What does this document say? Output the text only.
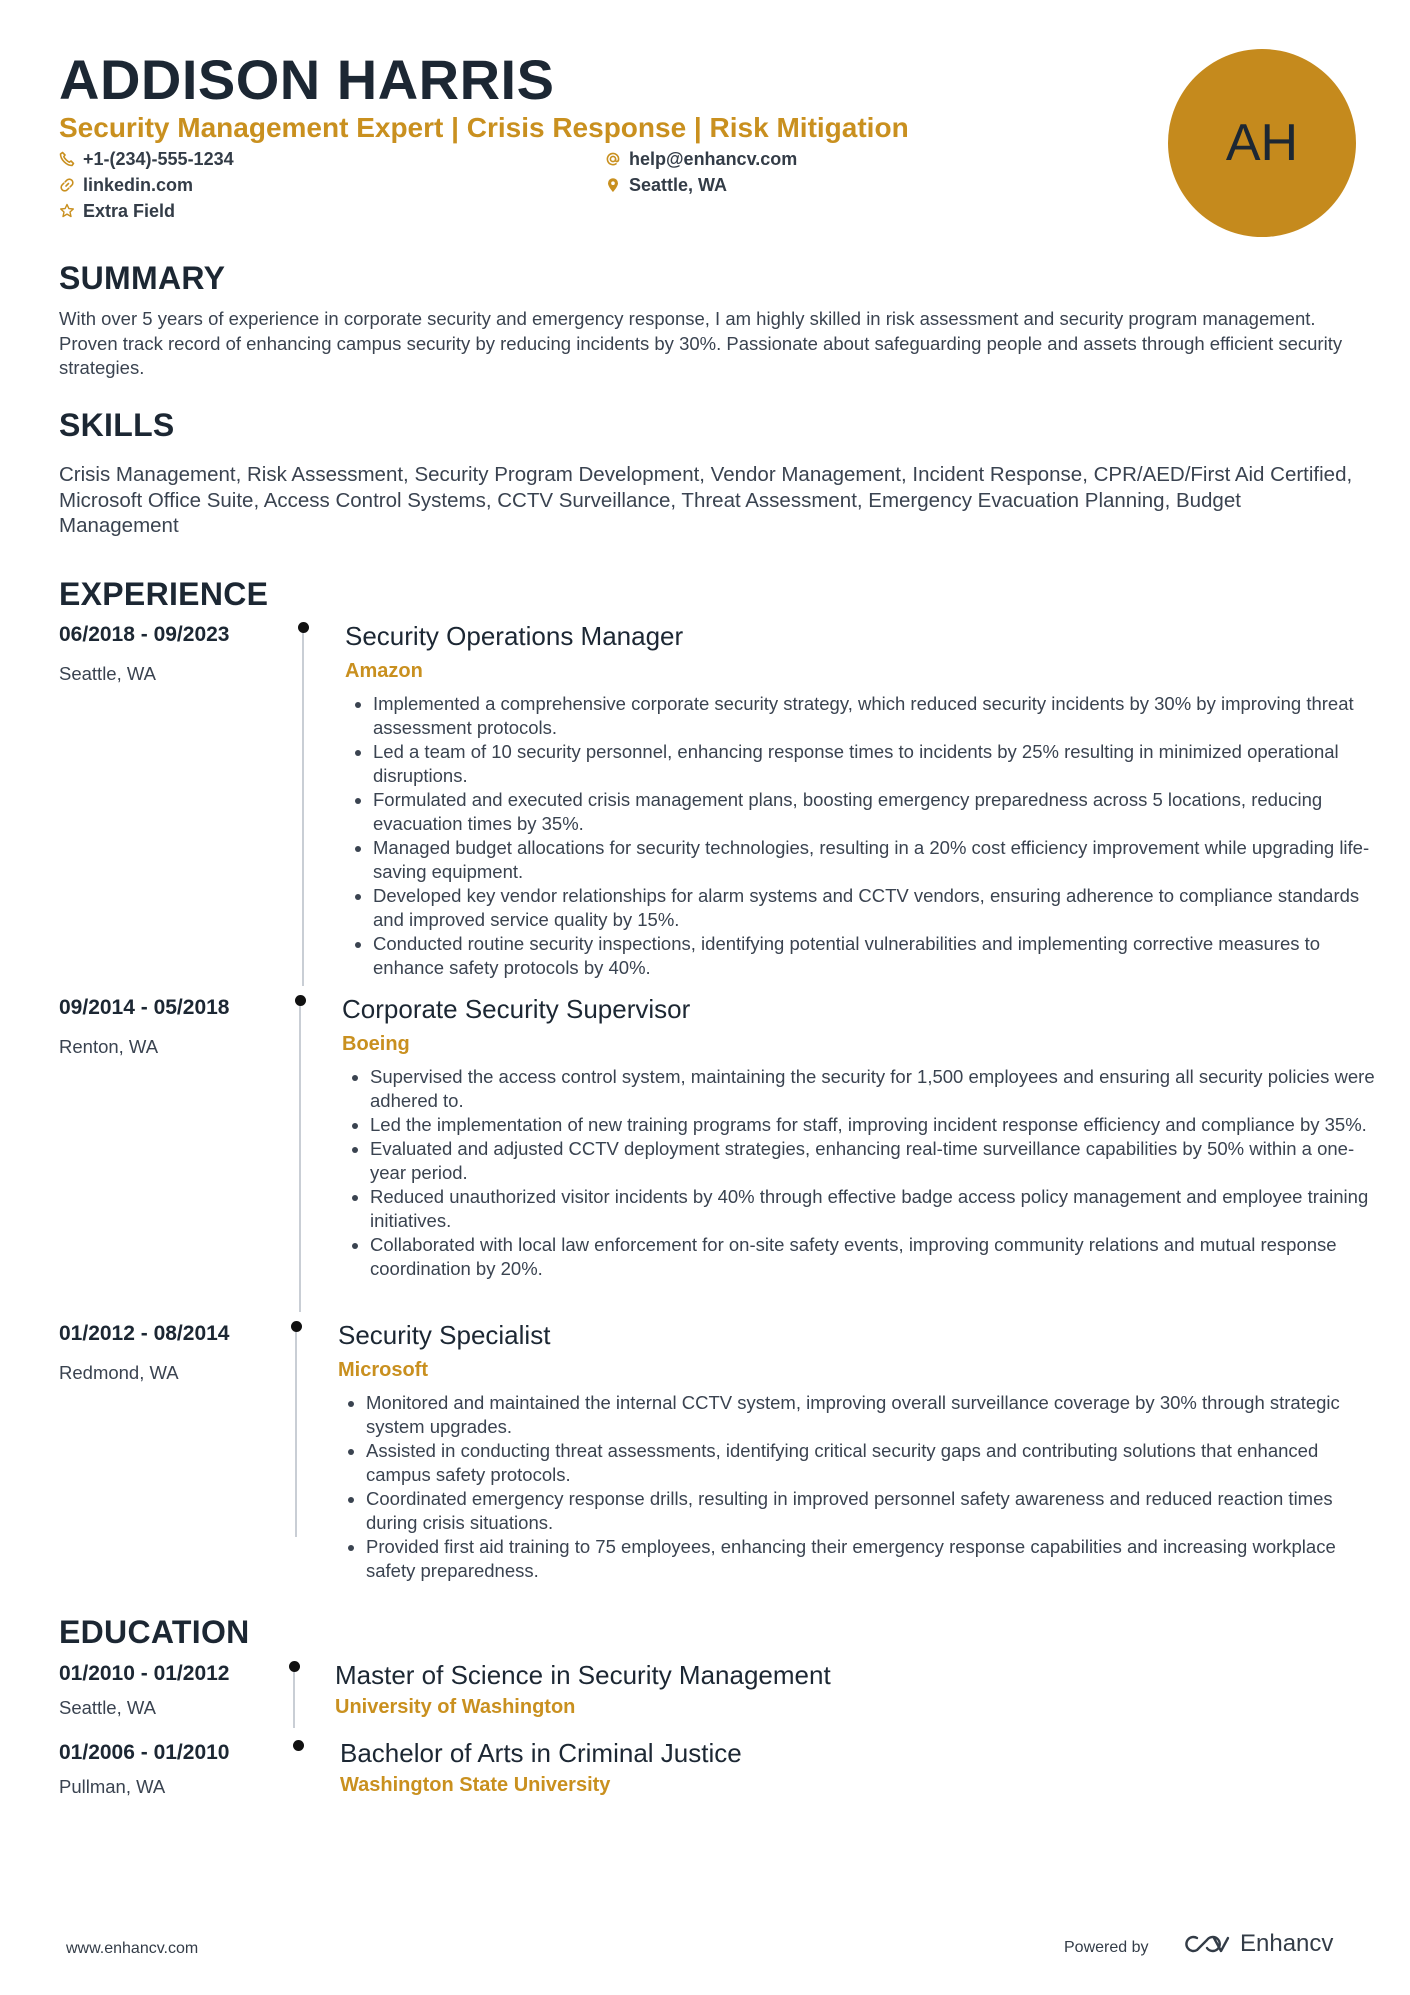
ADDISON HARRIS
Security Management Expert | Crisis Response | Risk Mitigation
+1-(234)-555-1234	help@enhancv.com
linkedin.com	Seattle, WA
Extra Field
AH
SUMMARY

With over 5 years of experience in corporate security and emergency response, I am highly skilled in risk assessment and security program management. Proven track record of enhancing campus security by reducing incidents by 30%. Passionate about safeguarding people and assets through efficient security strategies.

SKILLS

Crisis Management, Risk Assessment, Security Program Development, Vendor Management, Incident Response, CPR/AED/First Aid Certified, Microsoft Office Suite, Access Control Systems, CCTV Surveillance, Threat Assessment, Emergency Evacuation Planning, Budget Management

EXPERIENCE
06/2018 - 09/2023
Seattle, WA
Security Operations Manager
Amazon
• Implemented a comprehensive corporate security strategy, which reduced security incidents by 30% by improving threat assessment protocols.
• Led a team of 10 security personnel, enhancing response times to incidents by 25% resulting in minimized operational disruptions.
• Formulated and executed crisis management plans, boosting emergency preparedness across 5 locations, reducing evacuation times by 35%.
• Managed budget allocations for security technologies, resulting in a 20% cost efficiency improvement while upgrading life-saving equipment.
• Developed key vendor relationships for alarm systems and CCTV vendors, ensuring adherence to compliance standards and improved service quality by 15%.
• Conducted routine security inspections, identifying potential vulnerabilities and implementing corrective measures to enhance safety protocols by 40%.
09/2014 - 05/2018
Renton, WA
Corporate Security Supervisor
Boeing
• Supervised the access control system, maintaining the security for 1,500 employees and ensuring all security policies were adhered to.
• Led the implementation of new training programs for staff, improving incident response efficiency and compliance by 35%.
• Evaluated and adjusted CCTV deployment strategies, enhancing real-time surveillance capabilities by 50% within a one-year period.
• Reduced unauthorized visitor incidents by 40% through effective badge access policy management and employee training initiatives.
• Collaborated with local law enforcement for on-site safety events, improving community relations and mutual response coordination by 20%.
01/2012 - 08/2014
Redmond, WA
Security Specialist
Microsoft
• Monitored and maintained the internal CCTV system, improving overall surveillance coverage by 30% through strategic system upgrades.
• Assisted in conducting threat assessments, identifying critical security gaps and contributing solutions that enhanced campus safety protocols.
• Coordinated emergency response drills, resulting in improved personnel safety awareness and reduced reaction times during crisis situations.
• Provided first aid training to 75 employees, enhancing their emergency response capabilities and increasing workplace safety preparedness.
EDUCATION
01/2010 - 01/2012
Seattle, WA
Master of Science in Security Management
University of Washington
01/2006 - 01/2010
Pullman, WA
Bachelor of Arts in Criminal Justice
Washington State University
www.enhancv.com	Powered by	Enhancv
